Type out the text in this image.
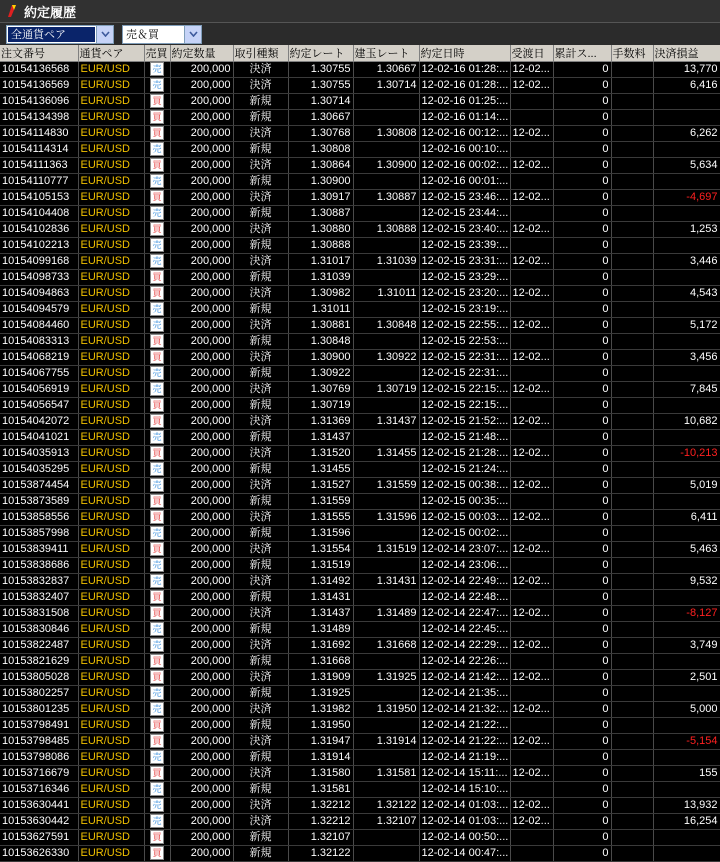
約定履歴
全通貨ペア	売＆買
注文番号	通貨ペア	売買	約定数量	取引種類	約定レート	建玉レート	約定日時	受渡日	累計ス...	手数料	決済損益
10154136568	EUR/USD	売	200,000	決済	1.30755	1.30667	12-02-16 01:28:...	12-02...	0		13,770
10154136569	EUR/USD	売	200,000	決済	1.30755	1.30714	12-02-16 01:28:...	12-02...	0		6,416
10154136096	EUR/USD	買	200,000	新規	1.30714		12-02-16 01:25:...		0		
10154134398	EUR/USD	買	200,000	新規	1.30667		12-02-16 01:14:...		0		
10154114830	EUR/USD	買	200,000	決済	1.30768	1.30808	12-02-16 00:12:...	12-02...	0		6,262
10154114314	EUR/USD	売	200,000	新規	1.30808		12-02-16 00:10:...		0		
10154111363	EUR/USD	買	200,000	決済	1.30864	1.30900	12-02-16 00:02:...	12-02...	0		5,634
10154110777	EUR/USD	売	200,000	新規	1.30900		12-02-16 00:01:...		0		
10154105153	EUR/USD	買	200,000	決済	1.30917	1.30887	12-02-15 23:46:...	12-02...	0		-4,697
10154104408	EUR/USD	売	200,000	新規	1.30887		12-02-15 23:44:...		0		
10154102836	EUR/USD	買	200,000	決済	1.30880	1.30888	12-02-15 23:40:...	12-02...	0		1,253
10154102213	EUR/USD	売	200,000	新規	1.30888		12-02-15 23:39:...		0		
10154099168	EUR/USD	売	200,000	決済	1.31017	1.31039	12-02-15 23:31:...	12-02...	0		3,446
10154098733	EUR/USD	買	200,000	新規	1.31039		12-02-15 23:29:...		0		
10154094863	EUR/USD	買	200,000	決済	1.30982	1.31011	12-02-15 23:20:...	12-02...	0		4,543
10154094579	EUR/USD	売	200,000	新規	1.31011		12-02-15 23:19:...		0		
10154084460	EUR/USD	売	200,000	決済	1.30881	1.30848	12-02-15 22:55:...	12-02...	0		5,172
10154083313	EUR/USD	買	200,000	新規	1.30848		12-02-15 22:53:...		0		
10154068219	EUR/USD	買	200,000	決済	1.30900	1.30922	12-02-15 22:31:...	12-02...	0		3,456
10154067755	EUR/USD	売	200,000	新規	1.30922		12-02-15 22:31:...		0		
10154056919	EUR/USD	売	200,000	決済	1.30769	1.30719	12-02-15 22:15:...	12-02...	0		7,845
10154056547	EUR/USD	買	200,000	新規	1.30719		12-02-15 22:15:...		0		
10154042072	EUR/USD	買	200,000	決済	1.31369	1.31437	12-02-15 21:52:...	12-02...	0		10,682
10154041021	EUR/USD	売	200,000	新規	1.31437		12-02-15 21:48:...		0		
10154035913	EUR/USD	買	200,000	決済	1.31520	1.31455	12-02-15 21:28:...	12-02...	0		-10,213
10154035295	EUR/USD	売	200,000	新規	1.31455		12-02-15 21:24:...		0		
10153874454	EUR/USD	売	200,000	決済	1.31527	1.31559	12-02-15 00:38:...	12-02...	0		5,019
10153873589	EUR/USD	買	200,000	新規	1.31559		12-02-15 00:35:...		0		
10153858556	EUR/USD	買	200,000	決済	1.31555	1.31596	12-02-15 00:03:...	12-02...	0		6,411
10153857998	EUR/USD	売	200,000	新規	1.31596		12-02-15 00:02:...		0		
10153839411	EUR/USD	買	200,000	決済	1.31554	1.31519	12-02-14 23:07:...	12-02...	0		5,463
10153838686	EUR/USD	売	200,000	新規	1.31519		12-02-14 23:06:...		0		
10153832837	EUR/USD	売	200,000	決済	1.31492	1.31431	12-02-14 22:49:...	12-02...	0		9,532
10153832407	EUR/USD	買	200,000	新規	1.31431		12-02-14 22:48:...		0		
10153831508	EUR/USD	買	200,000	決済	1.31437	1.31489	12-02-14 22:47:...	12-02...	0		-8,127
10153830846	EUR/USD	売	200,000	新規	1.31489		12-02-14 22:45:...		0		
10153822487	EUR/USD	売	200,000	決済	1.31692	1.31668	12-02-14 22:29:...	12-02...	0		3,749
10153821629	EUR/USD	買	200,000	新規	1.31668		12-02-14 22:26:...		0		
10153805028	EUR/USD	買	200,000	決済	1.31909	1.31925	12-02-14 21:42:...	12-02...	0		2,501
10153802257	EUR/USD	売	200,000	新規	1.31925		12-02-14 21:35:...		0		
10153801235	EUR/USD	売	200,000	決済	1.31982	1.31950	12-02-14 21:32:...	12-02...	0		5,000
10153798491	EUR/USD	買	200,000	新規	1.31950		12-02-14 21:22:...		0		
10153798485	EUR/USD	買	200,000	決済	1.31947	1.31914	12-02-14 21:22:...	12-02...	0		-5,154
10153798086	EUR/USD	売	200,000	新規	1.31914		12-02-14 21:19:...		0		
10153716679	EUR/USD	買	200,000	決済	1.31580	1.31581	12-02-14 15:11:...	12-02...	0		155
10153716346	EUR/USD	売	200,000	新規	1.31581		12-02-14 15:10:...		0		
10153630441	EUR/USD	売	200,000	決済	1.32212	1.32122	12-02-14 01:03:...	12-02...	0		13,932
10153630442	EUR/USD	売	200,000	決済	1.32212	1.32107	12-02-14 01:03:...	12-02...	0		16,254
10153627591	EUR/USD	買	200,000	新規	1.32107		12-02-14 00:50:...		0		
10153626330	EUR/USD	買	200,000	新規	1.32122		12-02-14 00:47:...		0		
